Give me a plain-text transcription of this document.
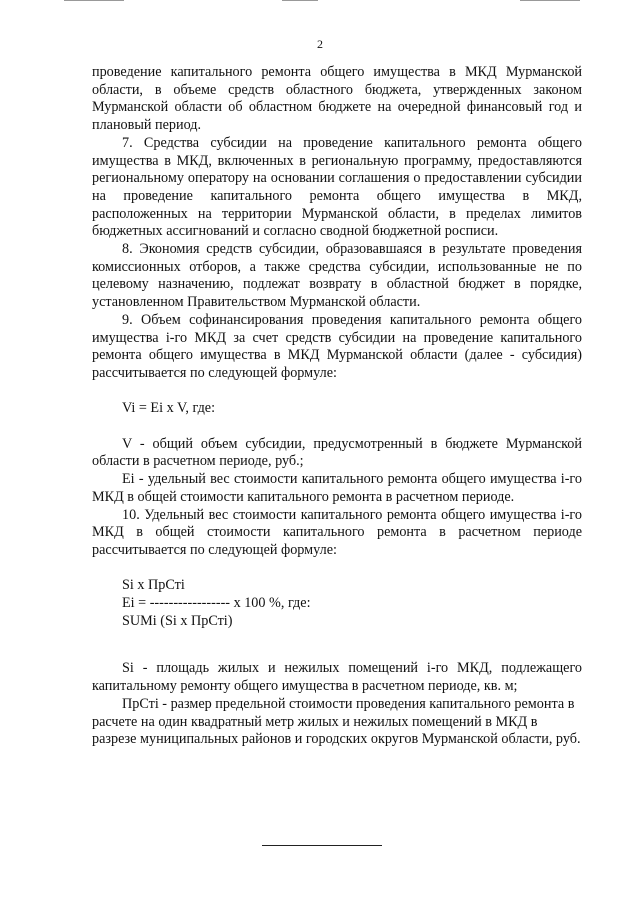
2

проведение капитального ремонта общего имущества в МКД Мурманской области, в объеме средств областного бюджета, утвержденных законом Мурманской области об областном бюджете на очередной финансовый год и плановый период.

7. Средства субсидии на проведение капитального ремонта общего имущества в МКД, включенных в региональную программу, предоставляются региональному оператору на основании соглашения о предоставлении субсидии на проведение капитального ремонта общего имущества в МКД, расположенных на территории Мурманской области, в пределах лимитов бюджетных ассигнований и согласно сводной бюджетной росписи.

8. Экономия средств субсидии, образовавшаяся в результате проведения комиссионных отборов, а также средства субсидии, использованные не по целевому назначению, подлежат возврату в областной бюджет в порядке, установленном Правительством Мурманской области.

9. Объем софинансирования проведения капитального ремонта общего имущества i-го МКД за счет средств субсидии на проведение капитального ремонта общего имущества в МКД Мурманской области (далее - субсидия) рассчитывается по следующей формуле:

Vi = Ei x V, где:

V - общий объем субсидии, предусмотренный в бюджете Мурманской области в расчетном периоде, руб.;

Ei - удельный вес стоимости капитального ремонта общего имущества i-го МКД в общей стоимости капитального ремонта в расчетном периоде.

10. Удельный вес стоимости капитального ремонта общего имущества i-го МКД в общей стоимости капитального ремонта в расчетном периоде рассчитывается по следующей формуле:

Si x ПрСтi

Ei = ----------------- x 100 %, где:

SUMi (Si x ПрСтi)

Si - площадь жилых и нежилых помещений i-го МКД, подлежащего капитальному ремонту общего имущества в расчетном периоде, кв. м;

ПрСтi - размер предельной стоимости проведения капитального ремонта в расчете на один квадратный метр жилых и нежилых помещений в МКД в разрезе муниципальных районов и городских округов Мурманской области, руб.
